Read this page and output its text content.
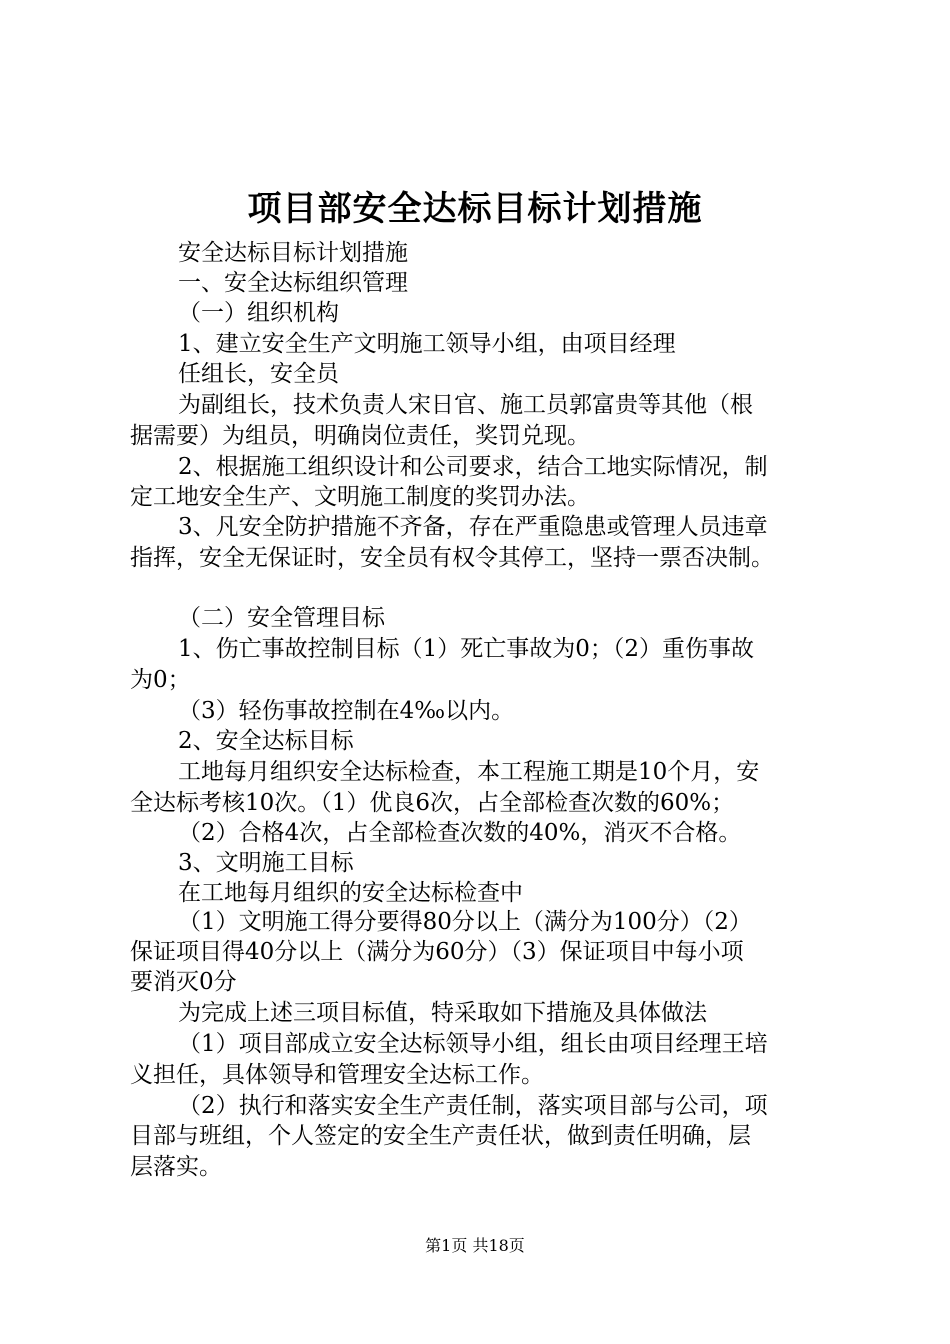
项目部安全达标目标计划措施
安全达标目标计划措施
一、安全达标组织管理
（一）组织机构
1、建立安全生产文明施工领导小组，由项目经理
任组长，安全员
为副组长，技术负责人宋日官、施工员郭富贵等其他（根
据需要）为组员，明确岗位责任，奖罚兑现。
2、根据施工组织设计和公司要求，结合工地实际情况，制
定工地安全生产、文明施工制度的奖罚办法。
3、凡安全防护措施不齐备，存在严重隐患或管理人员违章
指挥，安全无保证时，安全员有权令其停工，坚持一票否决制。
（二）安全管理目标
1、伤亡事故控制目标（1）死亡事故为0；（2）重伤事故
为0；
（3）轻伤事故控制在4‰以内。
2、安全达标目标
工地每月组织安全达标检查，本工程施工期是10个月，安
全达标考核10次。（1）优良6次，占全部检查次数的60%；
（2）合格4次，占全部检查次数的40%，消灭不合格。
3、文明施工目标
在工地每月组织的安全达标检查中
（1）文明施工得分要得80分以上（满分为100分）（2）
保证项目得40分以上（满分为60分）（3）保证项目中每小项
要消灭0分
为完成上述三项目标值，特采取如下措施及具体做法
（1）项目部成立安全达标领导小组，组长由项目经理王培
义担任，具体领导和管理安全达标工作。
（2）执行和落实安全生产责任制，落实项目部与公司，项
目部与班组，个人签定的安全生产责任状，做到责任明确，层
层落实。
第1页 共18页
